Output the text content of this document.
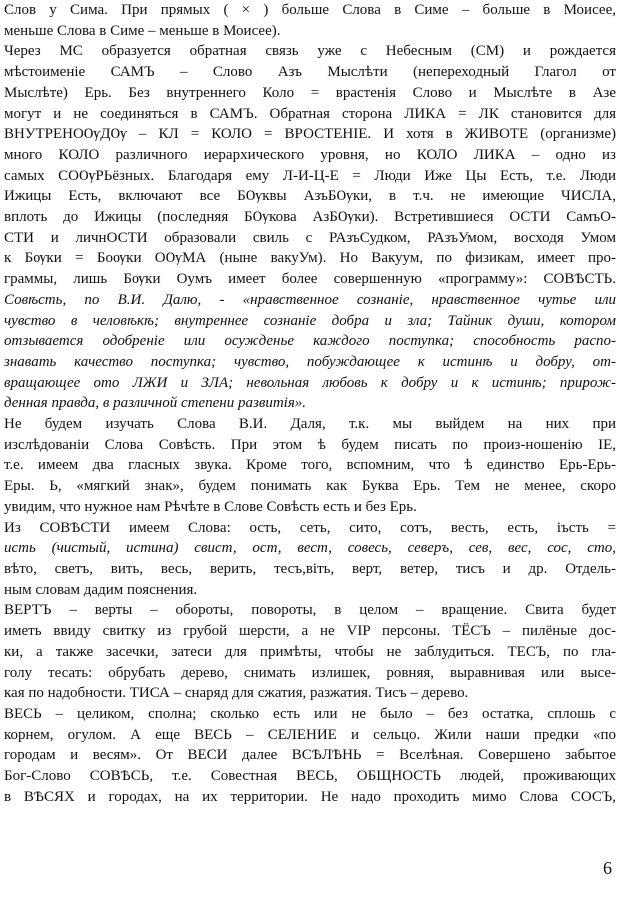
Слов у Сима. При прямых ( × ) больше Слова в Симе – больше в Моисее,
меньше Слова в Симе – меньше в Моисее).
Через МС образуется обратная связь уже с Небесным (СМ) и рождается
мѣстоименіе САМЪ – Слово Азъ Мыслѣти (непереходный Глагол от
Мыслѣте) Ерь. Без внутреннего Коло = врастенія Слово и Мыслѣте в Азе
могут и не соединяться в САМЪ. Обратная сторона ЛИКА = ЛК становится для
ВНУТРЕНОѸДѸ – КЛ = КОЛО = ВРОСТЕНІЕ. И хотя в ЖИВОТЕ (организме)
много КОЛО различного иерархического уровня, но КОЛО ЛИКА – одно из
самых СОѸРЬёзных. Благодаря ему Л-И-Ц-Е = Люди Иже Цы Есть, т.е. Люди
Ижицы Есть, включают все БѸквы АзъБѸки, в т.ч. не имеющие ЧИСЛА,
вплоть до Ижицы (последняя БѸкова АзБѸки). Встретившиеся ОСТИ СамъО-
СТИ и личнОСТИ образовали свиль с РАзъСудком, РАзъУмом, восходя Умом
к Бѹки = Боѹки ОѸМА (ныне вакуУм). Но Вакуум, по физикам, имеет про-
граммы, лишь Бѹки Оумъ имеет более совершенную «программу»: СОВѢСТЬ.
Совѣсть, по В.И. Далю, - «нравственное сознаніе, нравственное чутье или
чувство в человѣкѣ; внутреннее сознаніе добра и зла; Тайник души, котором
отзывается одобреніе или осужденье каждого поступка; способность распо-
знавать качество поступка; чувство, побуждающее к истинѣ и добру, от-
вращающее ото ЛЖИ и ЗЛА; невольная любовь к добру и к истинѣ; прирож-
денная правда, в различной степени развитія».
Не будем изучать Слова В.И. Даля, т.к. мы выйдем на них при
изслѣдованіи Слова Совѣсть. При этом ѣ будем писать по произ-ношенію IE,
т.е. имеем два гласных звука. Кроме того, вспомним, что ѣ единство Ерь-Ерь-
Еры. Ь, «мягкий знак», будем понимать как Буква Ерь. Тем не менее, скоро
увидим, что нужное нам Рѣчѣте в Слове Совѣсть есть и без Ерь.
Из СОВѢСТИ имеем Слова: ость, сеть, сито, сотъ, весть, есть, іъсть =
исть (чистый, истина) свист, ост, вест, совесь, северъ, сев, вес, сос, сто,
вѣто, светъ, вить, весь, верить, тесъ,віть, верт, ветер, тисъ и др. Отдель-
ным словам дадим пояснения.
ВЕРТЪ – верты – обороты, повороты, в целом – вращение. Свита будет
иметь ввиду свитку из грубой шерсти, а не VIP персоны. ТЁСЪ – пилёные дос-
ки, а также засечки, затеси для примѣты, чтобы не заблудиться. ТЕСЪ, по гла-
голу тесать: обрубать дерево, снимать излишек, ровняя, выравнивая или высе-
кая по надобности. ТИСА – снаряд для сжатия, разжатия. Тисъ – дерево.
ВЕСЬ – целиком, сполна; сколько есть или не было – без остатка, сплошь с
корнем, огулом. А еще ВЕСЬ – СЕЛЕНИЕ и сельцо. Жили наши предки «по
городам и весям». От ВЕСИ далее ВСѢЛѢНЬ = Вселѣная. Совершено забытое
Бог-Слово СОВѢСЬ, т.е. Совестная ВЕСЬ, ОБЩНОСТЬ людей, проживающих
в ВѢСЯХ и городах, на их территории. Не надо проходить мимо Слова СОСЪ,
6
